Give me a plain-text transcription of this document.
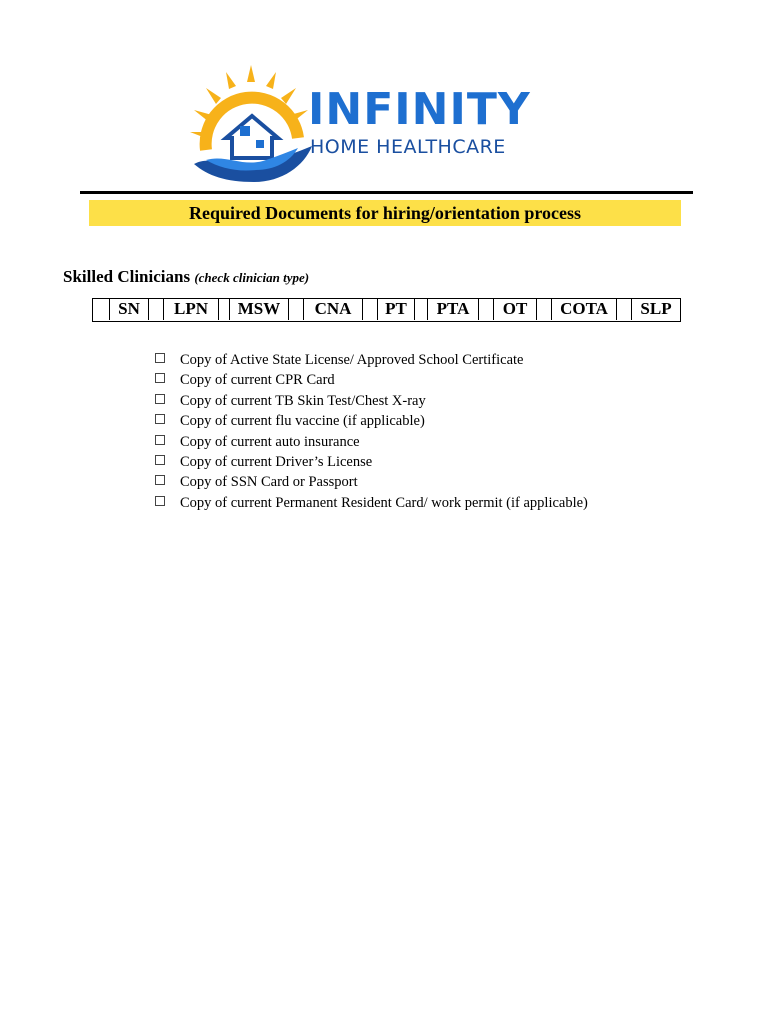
INFINITY
HOME HEALTHCARE
Required Documents for hiring/orientation process
Skilled Clinicians (check clinician type)
SN	LPN	MSW	CNA	PT	PTA	OT	COTA	SLP
Copy of Active State License/ Approved School Certificate
Copy of current CPR Card
Copy of current TB Skin Test/Chest X-ray
Copy of current flu vaccine (if applicable)
Copy of current auto insurance
Copy of current Driver’s License
Copy of SSN Card or Passport
Copy of current Permanent Resident Card/ work permit (if applicable)
